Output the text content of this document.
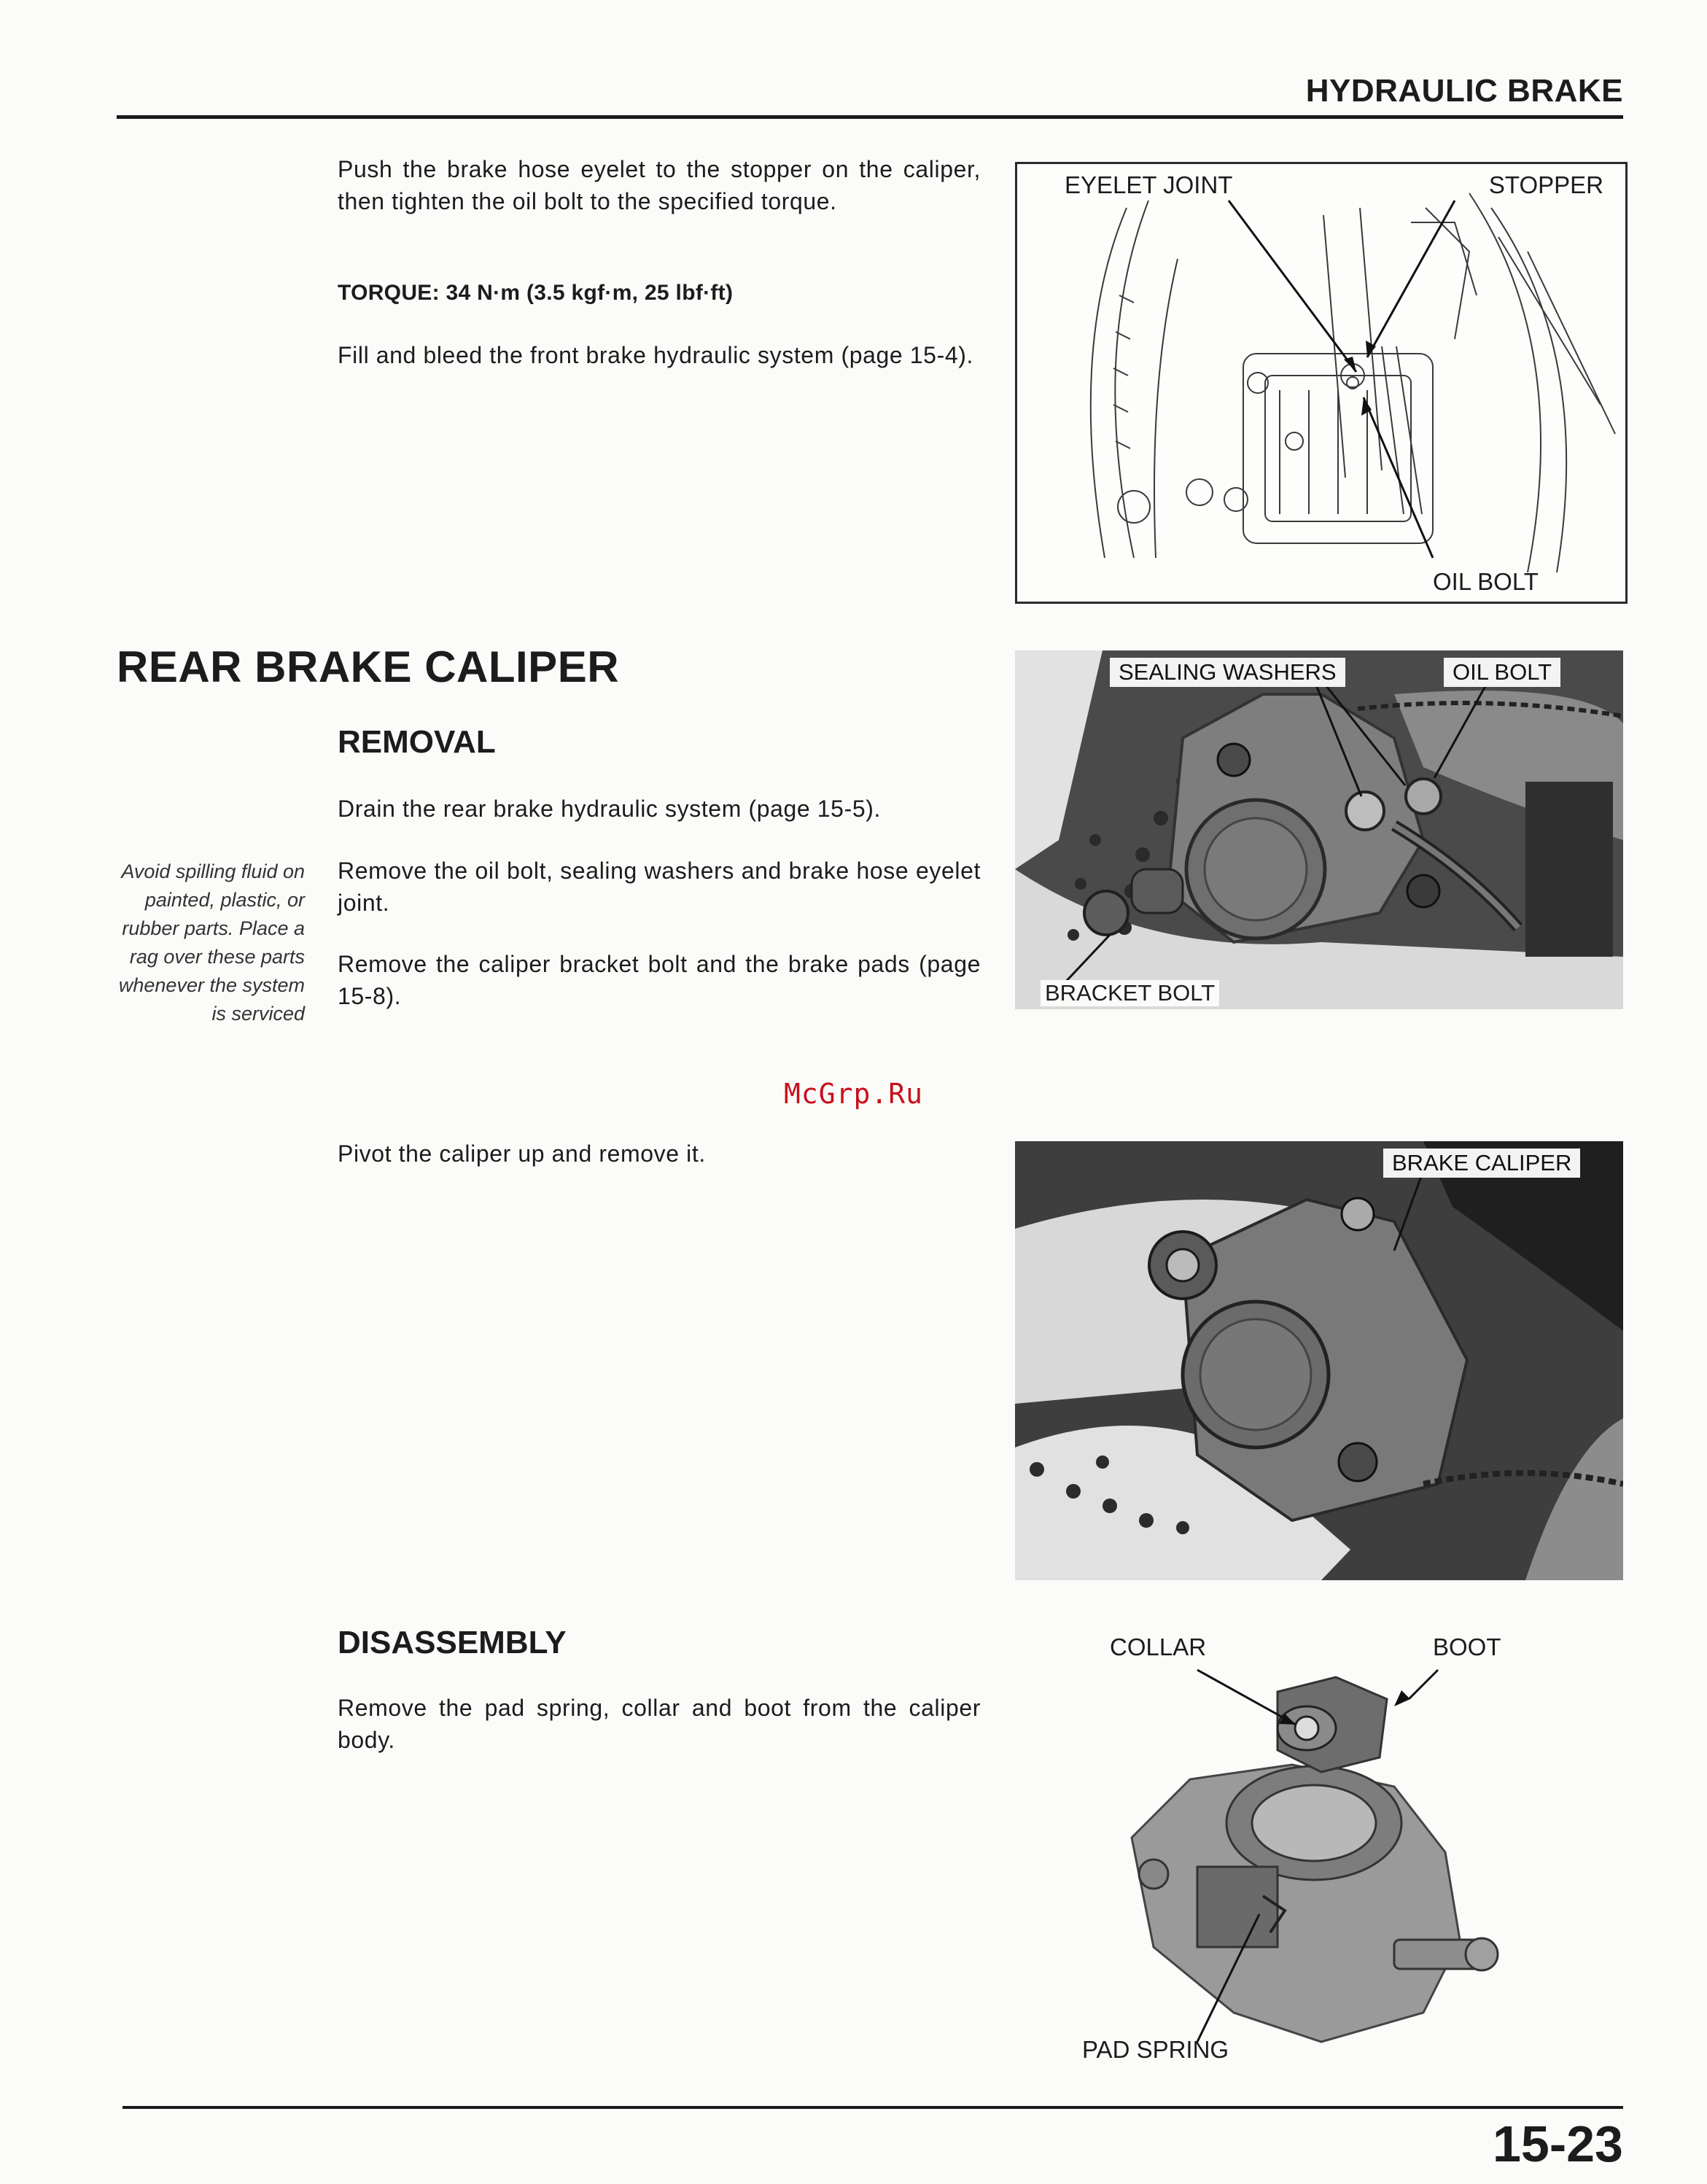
HYDRAULIC BRAKE
Push the brake hose eyelet to the stopper on the caliper, then tighten the oil bolt to the specified torque.
TORQUE: 34 N·m (3.5 kgf·m, 25 lbf·ft)
Fill and bleed the front brake hydraulic system (page 15-4).
EYELET JOINT	STOPPER
OIL BOLT
REAR BRAKE CALIPER
REMOVAL
Drain the rear brake hydraulic system (page 15-5).
Remove the oil bolt, sealing washers and brake hose eyelet joint.
Remove the caliper bracket bolt and the brake pads (page 15-8).
Avoid spilling fluid on painted, plastic, or rubber parts. Place a rag over these parts whenever the system is serviced
McGrp.Ru
SEALING WASHERS	OIL BOLT
BRACKET BOLT
Pivot the caliper up and remove it.	BRAKE CALIPER
DISASSEMBLY
Remove the pad spring, collar and boot from the caliper body.
COLLAR	BOOT
PAD SPRING
15-23
